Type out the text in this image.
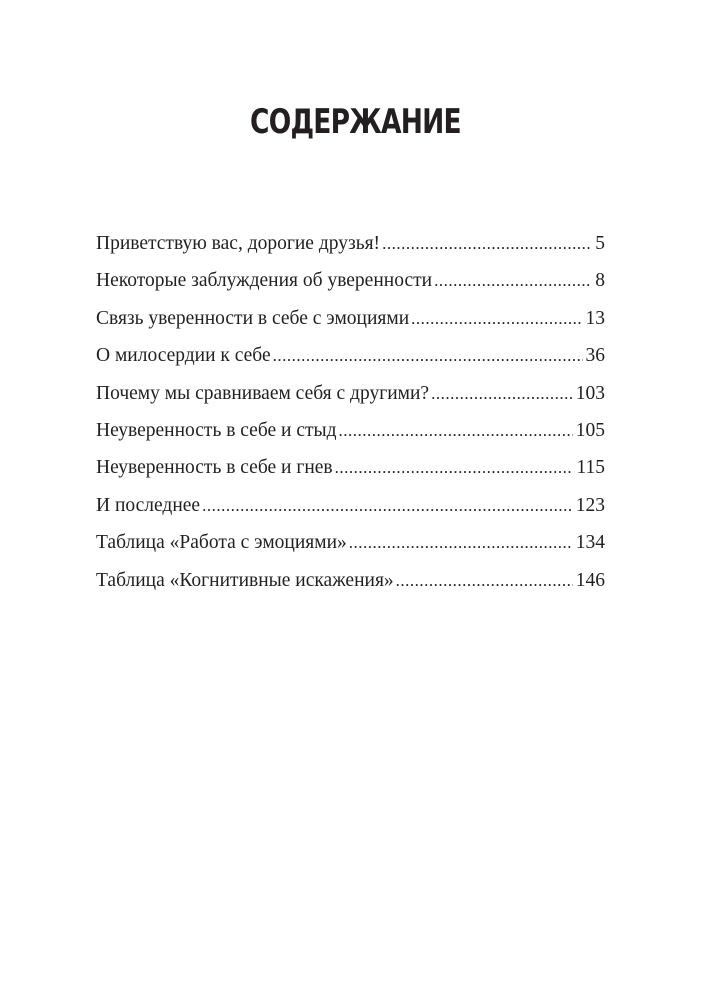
СОДЕРЖАНИЕ
Приветствую вас, дорогие друзья! .....	5
Некоторые заблуждения об уверенности .....	8
Связь уверенности в себе с эмоциями .....	13
О милосердии к себе .....	36
Почему мы сравниваем себя с другими? .....	103
Неуверенность в себе и стыд .....	105
Неуверенность в себе и гнев .....	115
И последнее .....	123
Таблица «Работа с эмоциями» .....	134
Таблица «Когнитивные искажения» .....	146
